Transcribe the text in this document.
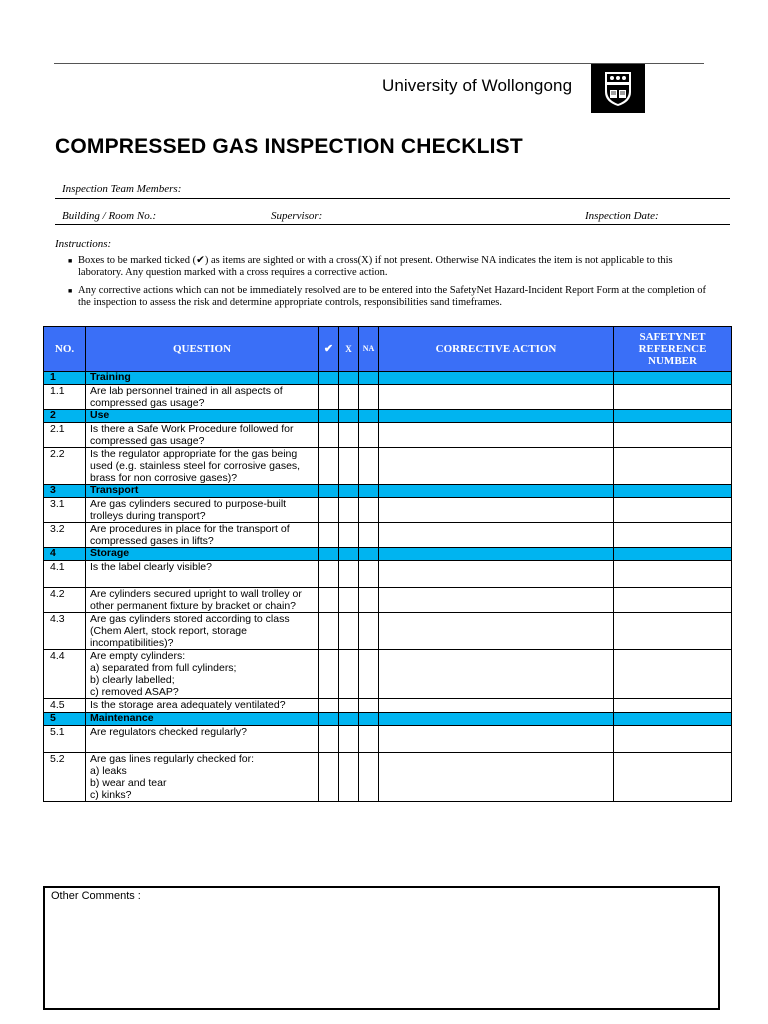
University of Wollongong
COMPRESSED GAS INSPECTION CHECKLIST
Inspection Team Members:
Building / Room No.:	Supervisor:	Inspection Date:
Instructions:
■ Boxes to be marked ticked (✔) as items are sighted or with a cross(X) if not present. Otherwise NA indicates the item is not applicable to this laboratory. Any question marked with a cross requires a corrective action.
■ Any corrective actions which can not be immediately resolved are to be entered into the SafetyNet Hazard-Incident Report Form at the completion of the inspection to assess the risk and determine appropriate controls, responsibilities sand timeframes.
NO.	QUESTION	✔	X	NA	CORRECTIVE ACTION	SAFETYNET REFERENCE NUMBER
1	Training					
1.1	Are lab personnel trained in all aspects of compressed gas usage?					
2	Use					
2.1	Is there a Safe Work Procedure followed for compressed gas usage?					
2.2	Is the regulator appropriate for the gas being used (e.g. stainless steel for corrosive gases, brass for non corrosive gases)?					
3	Transport					
3.1	Are gas cylinders secured to purpose-built trolleys during transport?					
3.2	Are procedures in place for the transport of compressed gases in lifts?					
4	Storage					
4.1	Is the label clearly visible?					
4.2	Are cylinders secured upright to wall trolley or other permanent fixture by bracket or chain?					
4.3	Are gas cylinders stored according to class (Chem Alert, stock report, storage incompatibilities)?					
4.4	Are empty cylinders:
a) separated from full cylinders;
b) clearly labelled;
c) removed ASAP?					
4.5	Is the storage area adequately ventilated?					
5	Maintenance					
5.1	Are regulators checked regularly?					
5.2	Are gas lines regularly checked for:
a) leaks
b) wear and tear
c) kinks?					
Other Comments :
